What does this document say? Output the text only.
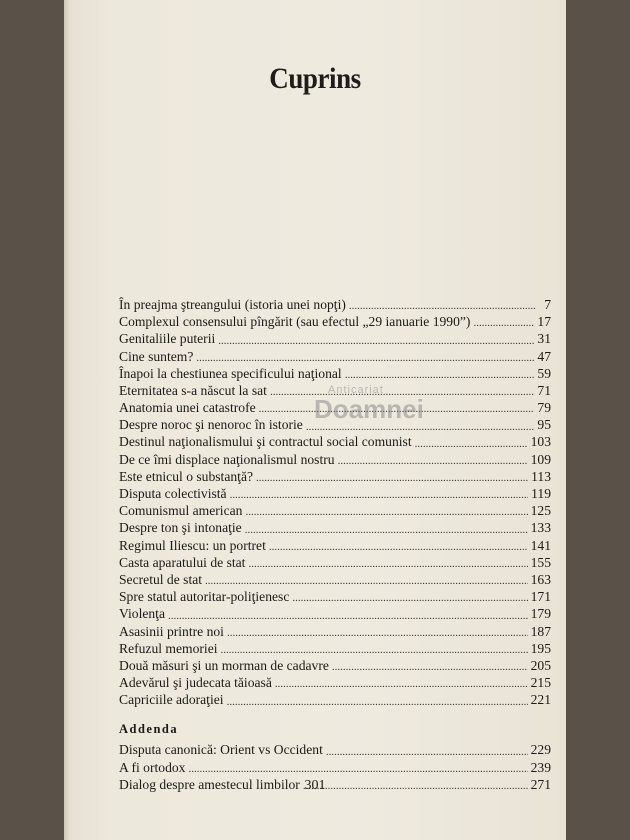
Cuprins
În preajma ştreangului (istoria unei nopţi) .....	7
Complexul consensului pîngărit (sau efectul „29 ianuarie 1990”) .....	17
Genitaliile puterii .....	31
Cine suntem? .....	47
Înapoi la chestiunea specificului naţional .....	59
Eternitatea s-a născut la sat .....	71
Anatomia unei catastrofe .....	79
Despre noroc şi nenoroc în istorie .....	95
Destinul naţionalismului şi contractul social comunist .....	103
De ce îmi displace naţionalismul nostru .....	109
Este etnicul o substanţă? .....	113
Disputa colectivistă .....	119
Comunismul american .....	125
Despre ton şi intonaţie .....	133
Regimul Iliescu: un portret .....	141
Casta aparatului de stat .....	155
Secretul de stat .....	163
Spre statul autoritar-poliţienesc .....	171
Violenţa .....	179
Asasinii printre noi .....	187
Refuzul memoriei .....	195
Două măsuri şi un morman de cadavre .....	205
Adevărul şi judecata tăioasă .....	215
Capriciile adoraţiei .....	221
Addenda
Disputa canonică: Orient vs Occident .....	229
A fi ortodox .....	239
Dialog despre amestecul limbilor .....	271
301
Anticariat
Doamnei
